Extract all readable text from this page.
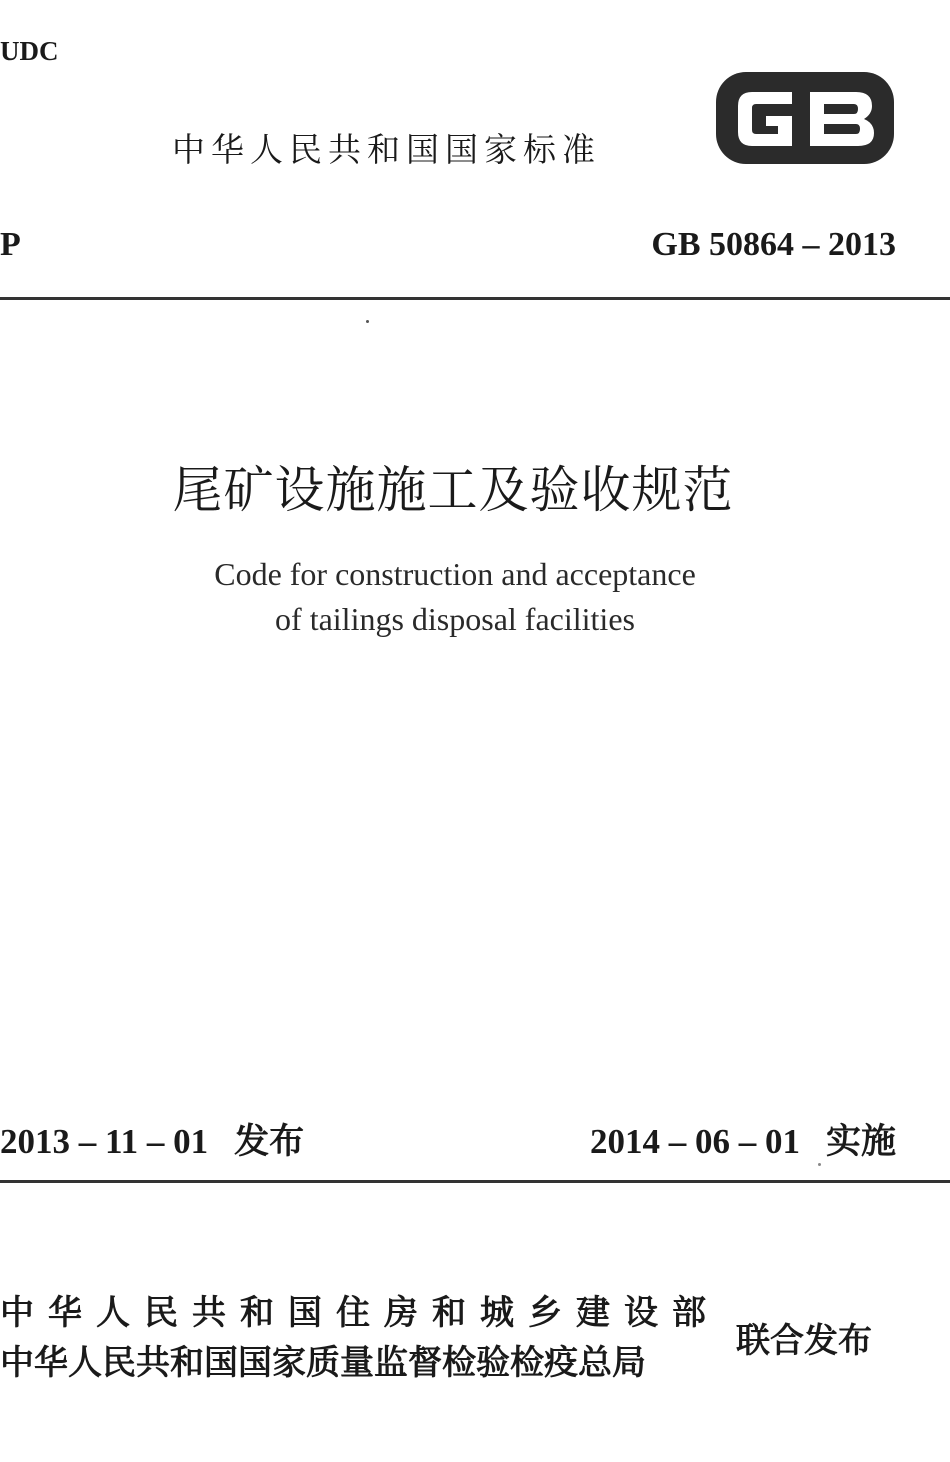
UDC
中华人民共和国国家标准
P	GB 50864 – 2013
尾矿设施施工及验收规范
Code for construction and acceptance
of tailings disposal facilities
2013 – 11 – 01 发布	2014 – 06 – 01 实施
中华人民共和国住房和城乡建设部
中华人民共和国国家质量监督检验检疫总局
联合发布
